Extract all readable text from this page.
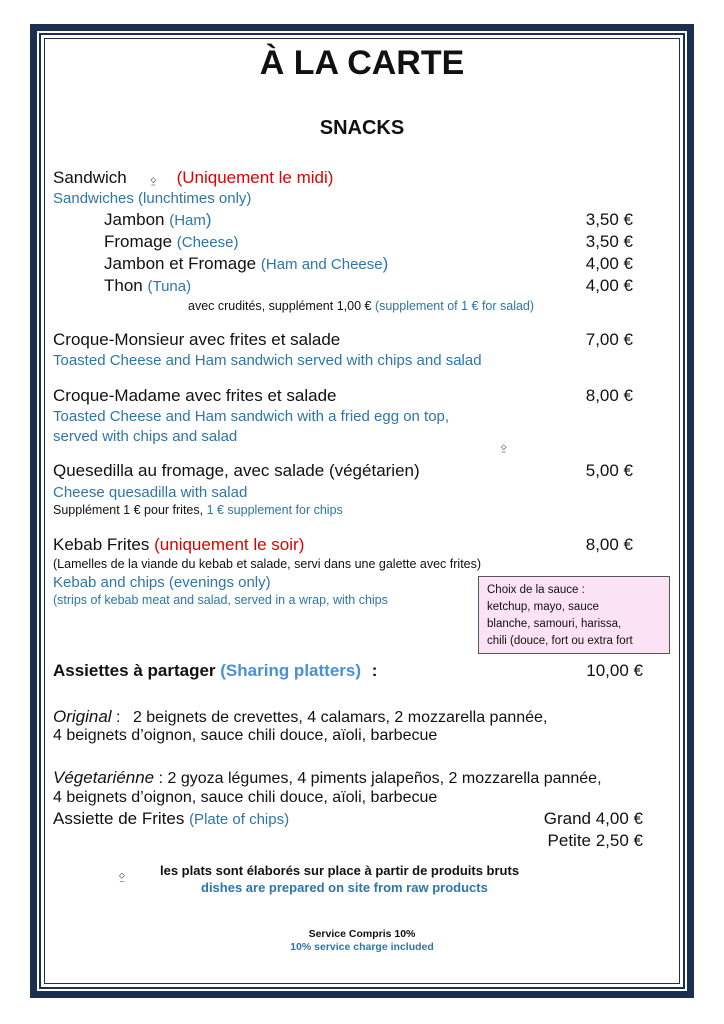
À LA CARTE
SNACKS
Sandwich ⍚ (Uniquement le midi)
Sandwiches (lunchtimes only)
Jambon (Ham)	3,50 €
Fromage (Cheese)	3,50 €
Jambon et Fromage (Ham and Cheese)	4,00 €
Thon (Tuna)	4,00 €
avec crudités, supplément 1,00 € (supplement of 1 € for salad)
Croque-Monsieur avec frites et salade	7,00 €
Toasted Cheese and Ham sandwich served with chips and salad
Croque-Madame avec frites et salade	8,00 €
Toasted Cheese and Ham sandwich with a fried egg on top,
served with chips and salad	⍚
Quesedilla au fromage, avec salade (végétarien)	5,00 €
Cheese quesadilla with salad
Supplément 1 € pour frites, 1 € supplement for chips
Kebab Frites (uniquement le soir)	8,00 €
(Lamelles de la viande du kebab et salade, servi dans une galette avec frites)
Kebab and chips (evenings only)
(strips of kebab meat and salad, served in a wrap, with chips
Choix de la sauce :
ketchup, mayo, sauce
blanche, samouri, harissa,
chili (douce, fort ou extra fort
Assiettes à partager (Sharing platters) :	10,00 €
Original : 2 beignets de crevettes, 4 calamars, 2 mozzarella pannée,
4 beignets d’oignon, sauce chili douce, aïoli, barbecue
Végetariénne : 2 gyoza légumes, 4 piments jalapeños, 2 mozzarella pannée,
4 beignets d’oignon, sauce chili douce, aïoli, barbecue
Assiette de Frites (Plate of chips)	Grand 4,00 €
Petite 2,50 €
⍚	les plats sont élaborés sur place à partir de produits bruts
dishes are prepared on site from raw products
Service Compris 10%
10% service charge included
